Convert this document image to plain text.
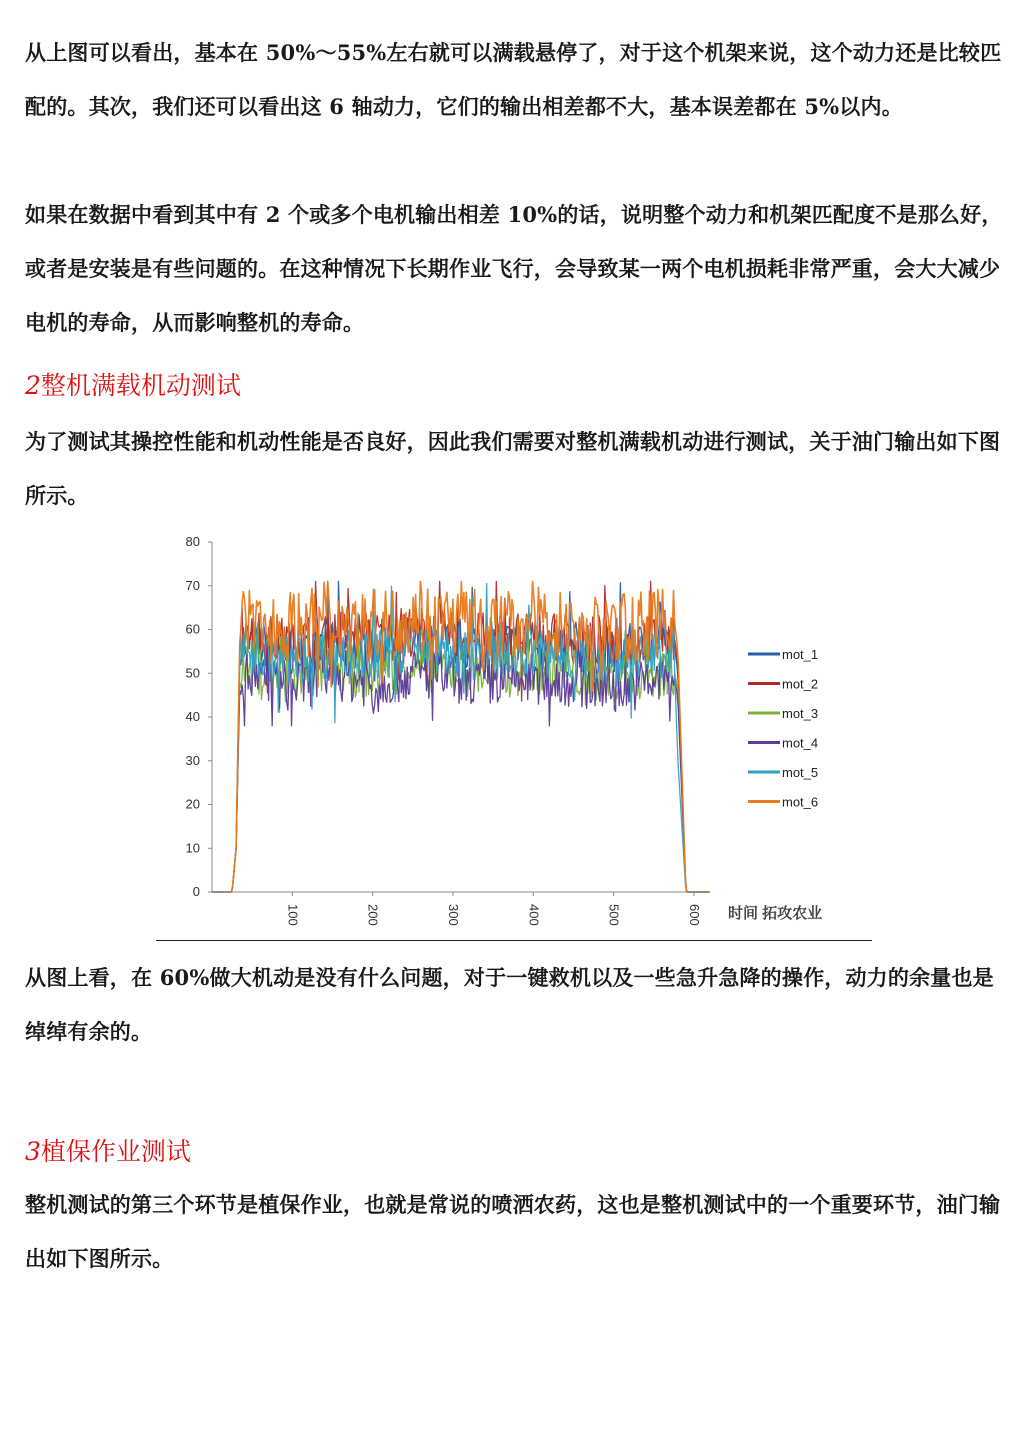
从上图可以看出，基本在 50%～55%左右就可以满载悬停了，对于这个机架来说，这个动力还是比较匹配的。其次，我们还可以看出这 6 轴动力，它们的输出相差都不大，基本误差都在 5%以内。

如果在数据中看到其中有 2 个或多个电机输出相差 10%的话，说明整个动力和机架匹配度不是那么好，或者是安装是有些问题的。在这种情况下长期作业飞行，会导致某一两个电机损耗非常严重，会大大减少电机的寿命，从而影响整机的寿命。

2整机满载机动测试

为了测试其操控性能和机动性能是否良好，因此我们需要对整机满载机动进行测试，关于油门输出如下图所示。

0
10
20
30
40
50
60
70
80
100	200	300	400	500	600
mot_1
mot_2
mot_3
mot_4
mot_5
mot_6
时间 拓攻农业

从图上看，在 60%做大机动是没有什么问题，对于一键救机以及一些急升急降的操作，动力的余量也是绰绰有余的。

3植保作业测试

整机测试的第三个环节是植保作业，也就是常说的喷洒农药，这也是整机测试中的一个重要环节，油门输出如下图所示。
